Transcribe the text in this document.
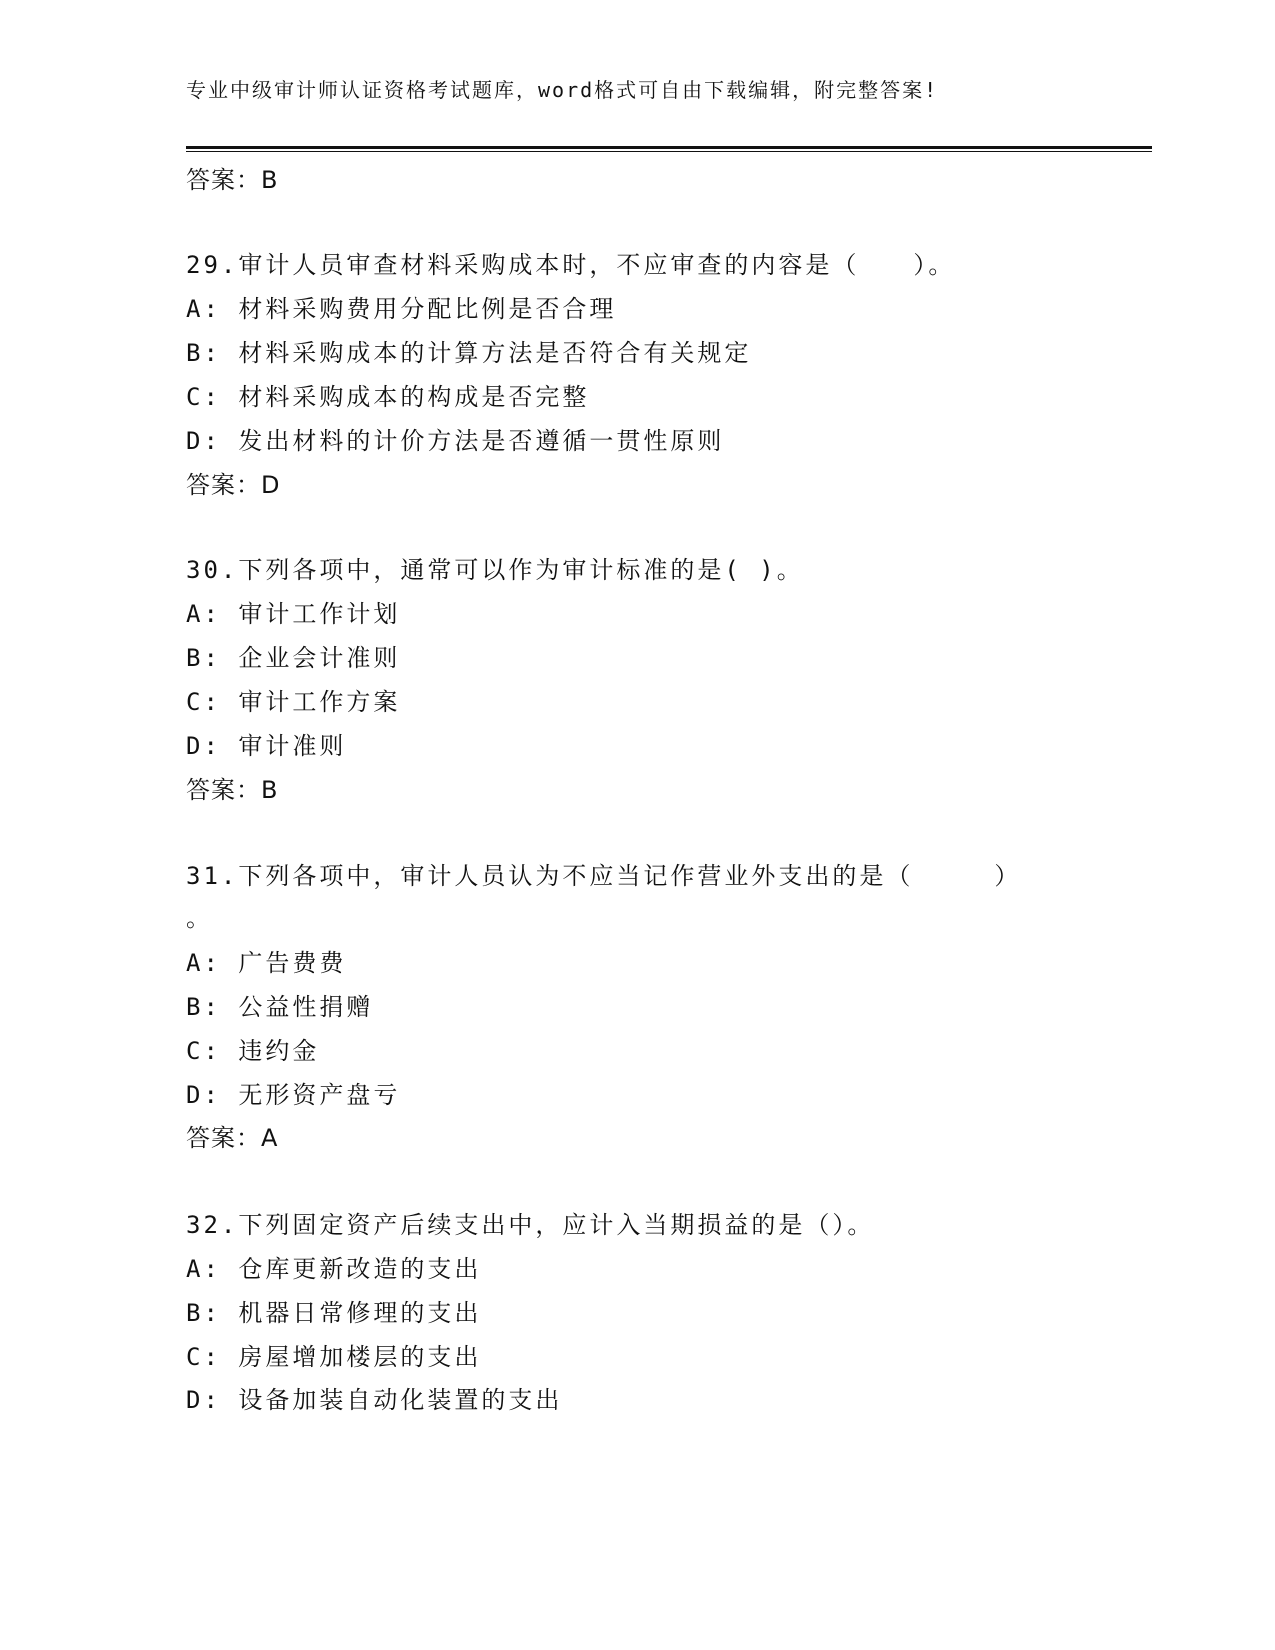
专业中级审计师认证资格考试题库，word格式可自由下载编辑，附完整答案!
答案：B
29.审计人员审查材料采购成本时，不应审查的内容是（　　）。
A: 材料采购费用分配比例是否合理
B: 材料采购成本的计算方法是否符合有关规定
C: 材料采购成本的构成是否完整
D: 发出材料的计价方法是否遵循一贯性原则
答案：D
30.下列各项中，通常可以作为审计标准的是( )。
A: 审计工作计划
B: 企业会计准则
C: 审计工作方案
D: 审计准则
答案：B
31.下列各项中，审计人员认为不应当记作营业外支出的是（　　　）
。
A: 广告费费
B: 公益性捐赠
C: 违约金
D: 无形资产盘亏
答案：A
32.下列固定资产后续支出中，应计入当期损益的是（）。
A: 仓库更新改造的支出
B: 机器日常修理的支出
C: 房屋增加楼层的支出
D: 设备加装自动化装置的支出
